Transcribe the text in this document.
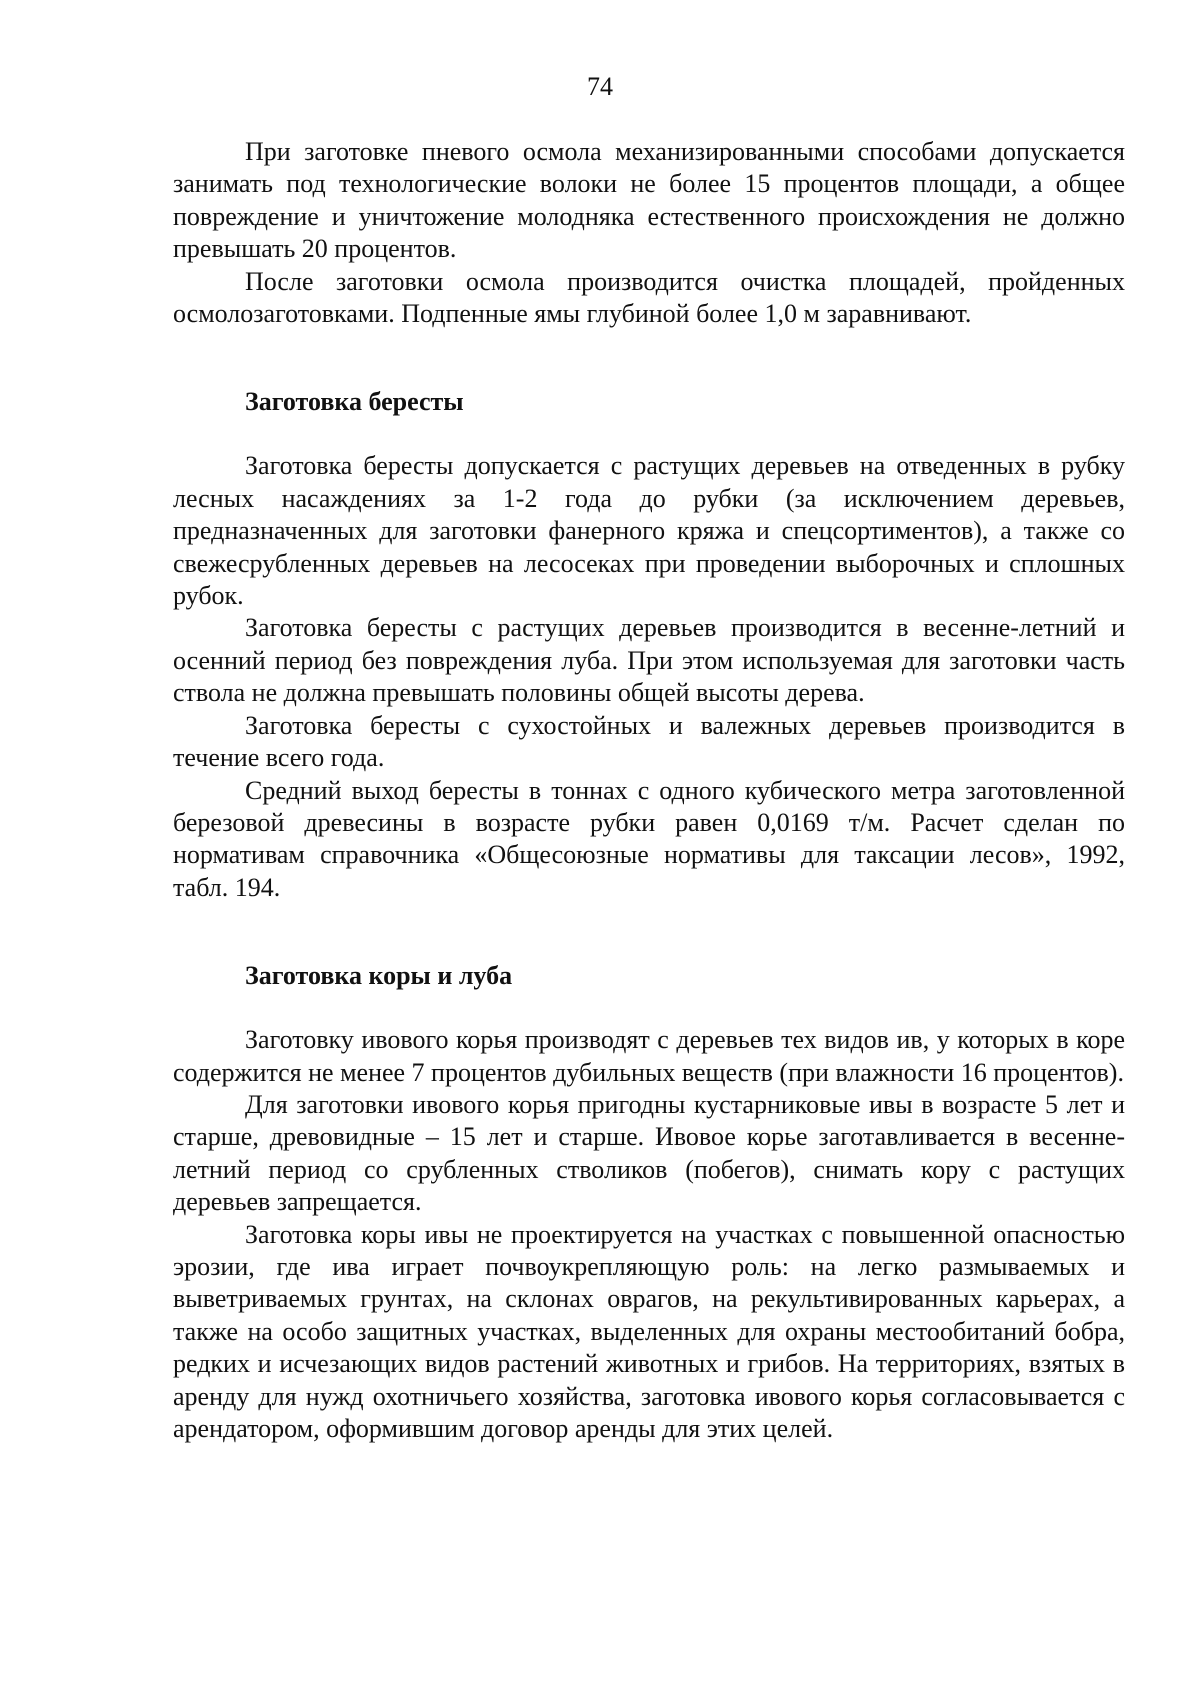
74

При заготовке пневого осмола механизированными способами допускается занимать под технологические волоки не более 15 процентов площади, а общее повреждение и уничтожение молодняка естественного происхождения не должно превышать 20 процентов.

После заготовки осмола производится очистка площадей, пройденных осмолозаготовками. Подпенные ямы глубиной более 1,0 м заравнивают.

Заготовка бересты

Заготовка бересты допускается с растущих деревьев на отведенных в рубку лесных насаждениях за 1-2 года до рубки (за исключением деревьев, предназначенных для заготовки фанерного кряжа и спецсортиментов), а также со свежесрубленных деревьев на лесосеках при проведении выборочных и сплошных рубок.

Заготовка бересты с растущих деревьев производится в весенне-летний и осенний период без повреждения луба. При этом используемая для заготовки часть ствола не должна превышать половины общей высоты дерева.

Заготовка бересты с сухостойных и валежных деревьев производится в течение всего года.

Средний выход бересты в тоннах с одного кубического метра заготовленной березовой древесины в возрасте рубки равен 0,0169 т/м. Расчет сделан по нормативам справочника «Общесоюзные нормативы для таксации лесов», 1992, табл. 194.

Заготовка коры и луба

Заготовку ивового корья производят с деревьев тех видов ив, у которых в коре содержится не менее 7 процентов дубильных веществ (при влажности 16 процентов).

Для заготовки ивового корья пригодны кустарниковые ивы в возрасте 5 лет и старше, древовидные – 15 лет и старше. Ивовое корье заготавливается в весенне-летний период со срубленных стволиков (побегов), снимать кору с растущих деревьев запрещается.

Заготовка коры ивы не проектируется на участках с повышенной опасностью эрозии, где ива играет почвоукрепляющую роль: на легко размываемых и выветриваемых грунтах, на склонах оврагов, на рекультивированных карьерах, а также на особо защитных участках, выделенных для охраны местообитаний бобра, редких и исчезающих видов растений животных и грибов. На территориях, взятых в аренду для нужд охотничьего хозяйства, заготовка ивового корья согласовывается с арендатором, оформившим договор аренды для этих целей.
